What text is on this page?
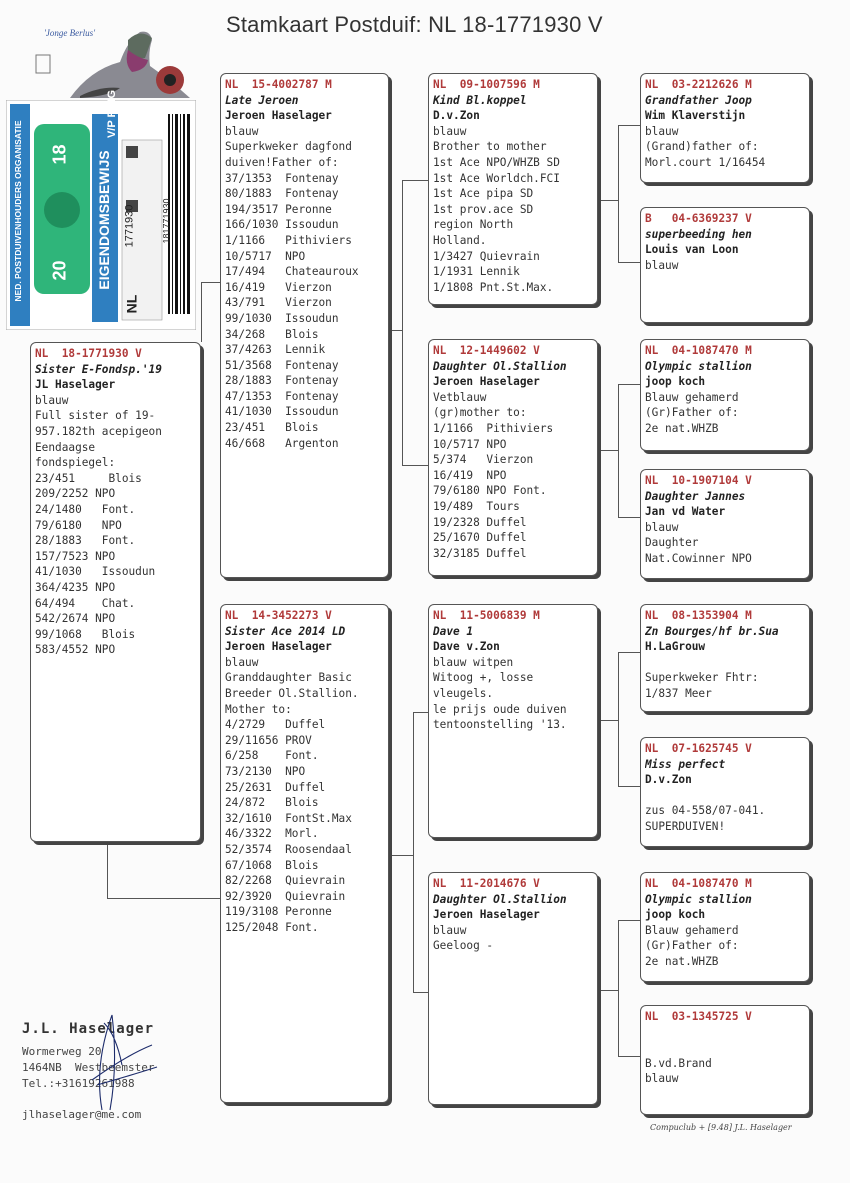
Stamkaart Postduif: NL 18-1771930 V
'Jonge Berlus'
NED. POSTDUIVENHOUDERS ORGANISATIE	EIGENDOMSBEWIJS
V/P RING
18
20
NL
1771930	181771930
NL  18-1771930 V
Sister E-Fondsp.'19
JL Haselager
blauw
Full sister of 19-
957.182th acepigeon
Eendaagse
fondspiegel:
23/451     Blois
209/2252 NPO
24/1480   Font.
79/6180   NPO
28/1883   Font.
157/7523 NPO
41/1030   Issoudun
364/4235 NPO
64/494    Chat.
542/2674 NPO
99/1068   Blois
583/4552 NPO
NL  15-4002787 M
Late Jeroen
Jeroen Haselager
blauw
Superkweker dagfond
duiven!Father of:
37/1353  Fontenay
80/1883  Fontenay
194/3517 Peronne
166/1030 Issoudun
1/1166   Pithiviers
10/5717  NPO
17/494   Chateauroux
16/419   Vierzon
43/791   Vierzon
99/1030  Issoudun
34/268   Blois
37/4263  Lennik
51/3568  Fontenay
28/1883  Fontenay
47/1353  Fontenay
41/1030  Issoudun
23/451   Blois
46/668   Argenton
NL  14-3452273 V
Sister Ace 2014 LD
Jeroen Haselager
blauw
Granddaughter Basic
Breeder Ol.Stallion.
Mother to:
4/2729   Duffel
29/11656 PROV
6/258    Font.
73/2130  NPO
25/2631  Duffel
24/872   Blois
32/1610  FontSt.Max
46/3322  Morl.
52/3574  Roosendaal
67/1068  Blois
82/2268  Quievrain
92/3920  Quievrain
119/3108 Peronne
125/2048 Font.
NL  09-1007596 M
Kind Bl.koppel
D.v.Zon
blauw
Brother to mother
1st Ace NPO/WHZB SD
1st Ace Worldch.FCI
1st Ace pipa SD
1st prov.ace SD
region North
Holland.
1/3427 Quievrain
1/1931 Lennik
1/1808 Pnt.St.Max.
NL  12-1449602 V
Daughter Ol.Stallion
Jeroen Haselager
Vetblauw
(gr)mother to:
1/1166  Pithiviers
10/5717 NPO
5/374   Vierzon
16/419  NPO
79/6180 NPO Font.
19/489  Tours
19/2328 Duffel
25/1670 Duffel
32/3185 Duffel
NL  11-5006839 M
Dave 1
Dave v.Zon
blauw witpen
Witoog +, losse
vleugels.
le prijs oude duiven
tentoonstelling '13.
NL  11-2014676 V
Daughter Ol.Stallion
Jeroen Haselager
blauw
Geeloog -
NL  03-2212626 M
Grandfather Joop
Wim Klaverstijn
blauw
(Grand)father of:
Morl.court 1/16454
B   04-6369237 V
superbeeding hen
Louis van Loon
blauw
NL  04-1087470 M
Olympic stallion
joop koch
Blauw gehamerd
(Gr)Father of:
2e nat.WHZB
NL  10-1907104 V
Daughter Jannes
Jan vd Water
blauw
Daughter
Nat.Cowinner NPO
NL  08-1353904 M
Zn Bourges/hf br.Sua
H.LaGrouw
Superkweker Fhtr:
1/837 Meer
NL  07-1625745 V
Miss perfect
D.v.Zon
zus 04-558/07-041.
SUPERDUIVEN!
NL  04-1087470 M
Olympic stallion
joop koch
Blauw gehamerd
(Gr)Father of:
2e nat.WHZB
NL  03-1345725 V
B.vd.Brand
blauw
J.L. Haselager
Wormerweg 20
1464NB  Westbeemster
Tel.:+31619261988
jlhaselager@me.com
Compuclub + [9.48] J.L. Haselager
